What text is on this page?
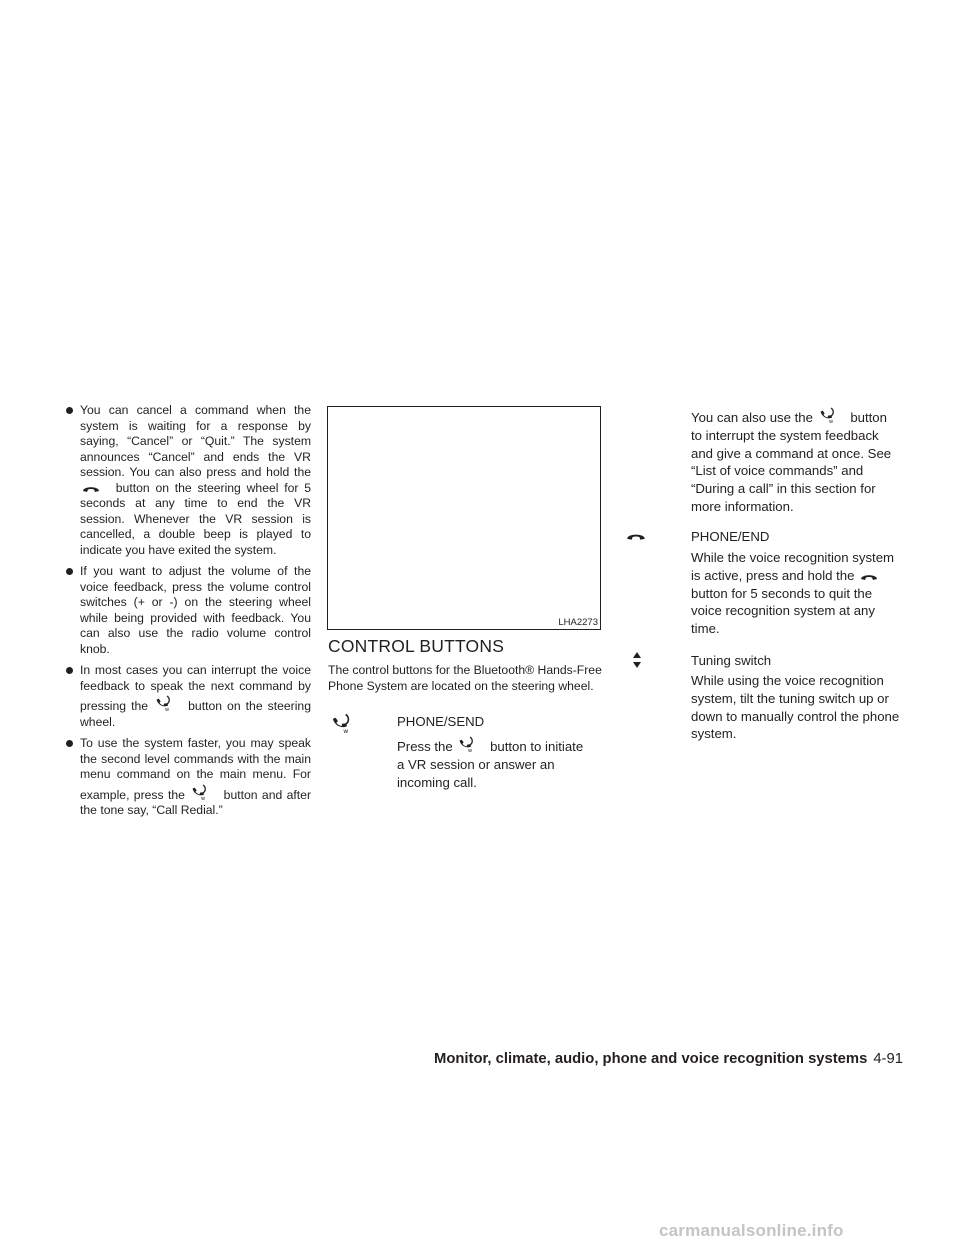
You can cancel a command when the system is waiting for a response by saying, “Cancel” or “Quit.” The system announces “Cancel” and ends the VR session. You can also press and hold the  button on the steering wheel for 5 seconds at any time to end the VR session. Whenever the VR session is cancelled, a double beep is played to indicate you have exited the system.
If you want to adjust the volume of the voice feedback, press the volume control switches (+ or -) on the steering wheel while being provided with feedback. You can also use the radio volume control knob.
In most cases you can interrupt the voice feedback to speak the next command by pressing the	w button on the steering wheel.
To use the system faster, you may speak the second level commands with the main menu command on the main menu. For example, press the	w button and after the tone say, “Call Redial.”
LHA2273
CONTROL BUTTONS
The control buttons for the Bluetooth® Hands-Free Phone System are located on the steering wheel.
w
PHONE/SEND
Press the	w button to initiate a VR session or answer an incoming call.
You can also use the	w button to interrupt the system feedback and give a command at once. See “List of voice commands” and “During a call” in this section for more information.
PHONE/END
While the voice recognition system is active, press and hold the  button for 5 seconds to quit the voice recognition system at any time.
Tuning switch
While using the voice recognition system, tilt the tuning switch up or down to manually control the phone system.
Monitor, climate, audio, phone and voice recognition systems 4-91
carmanualsonline.info
